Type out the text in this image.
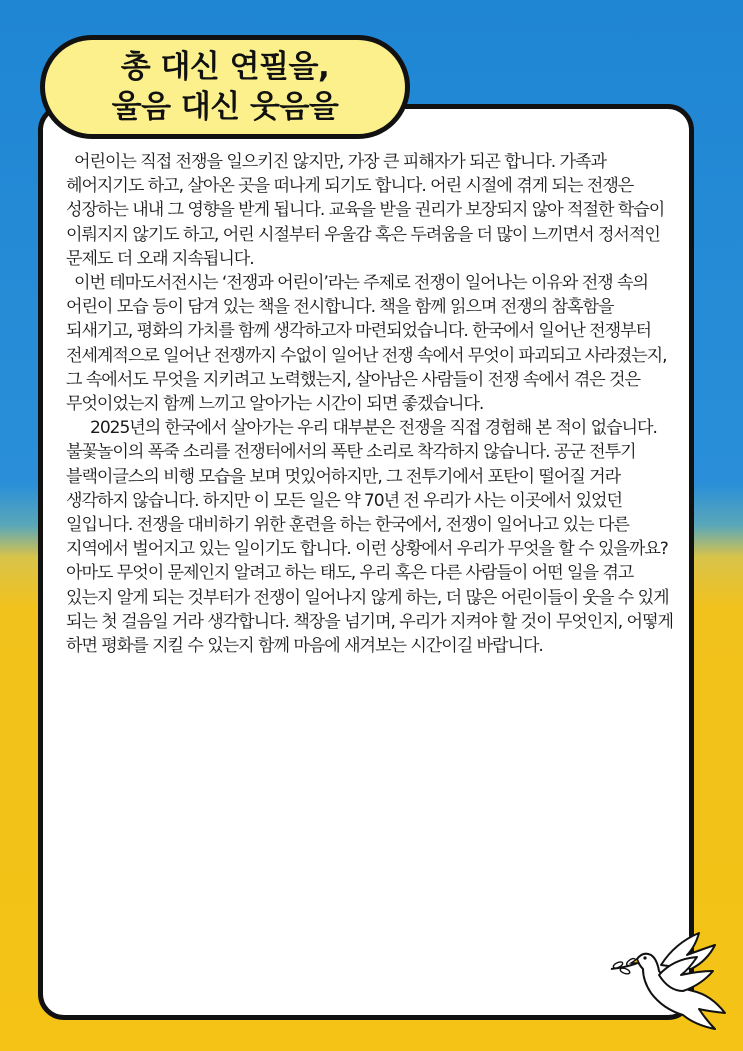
총 대신 연필을,
울음 대신 웃음을

어린이는 직접 전쟁을 일으키진 않지만, 가장 큰 피해자가 되곤 합니다. 가족과 헤어지기도 하고, 살아온 곳을 떠나게 되기도 합니다. 어린 시절에 겪게 되는 전쟁은 성장하는 내내 그 영향을 받게 됩니다. 교육을 받을 권리가 보장되지 않아 적절한 학습이 이뤄지지 않기도 하고, 어린 시절부터 우울감 혹은 두려움을 더 많이 느끼면서 정서적인 문제도 더 오래 지속됩니다.

이번 테마도서전시는 ‘전쟁과 어린이’라는 주제로 전쟁이 일어나는 이유와 전쟁 속의 어린이 모습 등이 담겨 있는 책을 전시합니다. 책을 함께 읽으며 전쟁의 참혹함을 되새기고, 평화의 가치를 함께 생각하고자 마련되었습니다. 한국에서 일어난 전쟁부터 전세계적으로 일어난 전쟁까지 수없이 일어난 전쟁 속에서 무엇이 파괴되고 사라졌는지, 그 속에서도 무엇을 지키려고 노력했는지, 살아남은 사람들이 전쟁 속에서 겪은 것은 무엇이었는지 함께 느끼고 알아가는 시간이 되면 좋겠습니다.

2025년의 한국에서 살아가는 우리 대부분은 전쟁을 직접 경험해 본 적이 없습니다. 불꽃놀이의 폭죽 소리를 전쟁터에서의 폭탄 소리로 착각하지 않습니다. 공군 전투기 블랙이글스의 비행 모습을 보며 멋있어하지만, 그 전투기에서 포탄이 떨어질 거라 생각하지 않습니다. 하지만 이 모든 일은 약 70년 전 우리가 사는 이곳에서 있었던 일입니다. 전쟁을 대비하기 위한 훈련을 하는 한국에서, 전쟁이 일어나고 있는 다른 지역에서 벌어지고 있는 일이기도 합니다. 이런 상황에서 우리가 무엇을 할 수 있을까요? 아마도 무엇이 문제인지 알려고 하는 태도, 우리 혹은 다른 사람들이 어떤 일을 겪고 있는지 알게 되는 것부터가 전쟁이 일어나지 않게 하는, 더 많은 어린이들이 웃을 수 있게 되는 첫 걸음일 거라 생각합니다. 책장을 넘기며, 우리가 지켜야 할 것이 무엇인지, 어떻게 하면 평화를 지킬 수 있는지 함께 마음에 새겨보는 시간이길 바랍니다.
